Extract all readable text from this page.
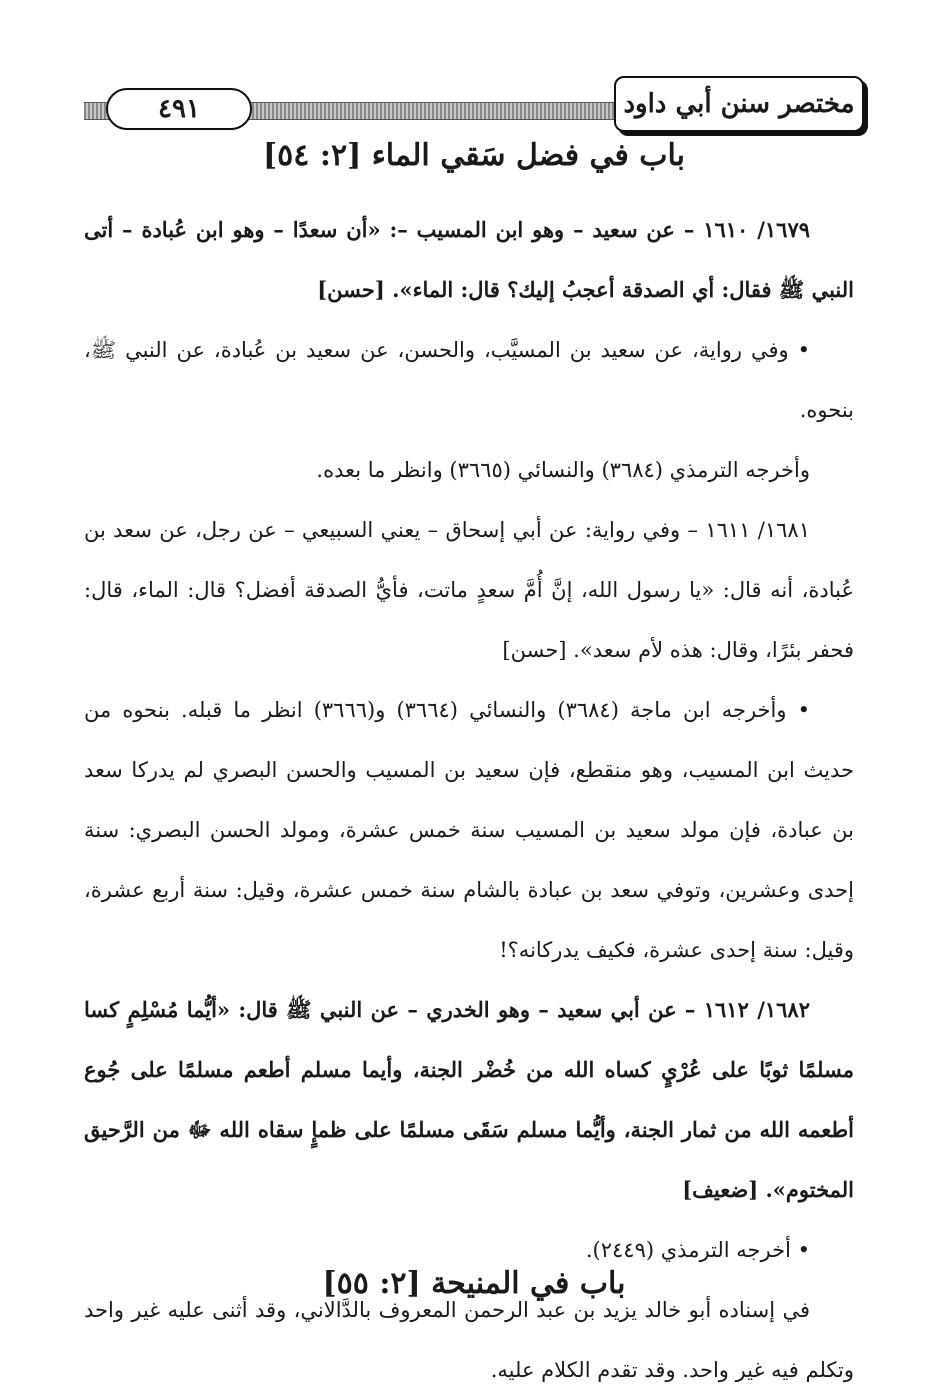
٤٩١	مختصر سنن أبي داود
باب في فضل سَقي الماء [٢: ٥٤]

١٦٧٩/ ١٦١٠ – عن سعيد – وهو ابن المسيب –: «أن سعدًا – وهو ابن عُبادة – أتى النبي ﷺ فقال: أي الصدقة أعجبُ إليك؟ قال: الماء». [حسن]

• وفي رواية، عن سعيد بن المسيَّب، والحسن، عن سعيد بن عُبادة، عن النبي ﷺ، بنحوه.

وأخرجه الترمذي (٣٦٨٤) والنسائي (٣٦٦٥) وانظر ما بعده.

١٦٨١/ ١٦١١ – وفي رواية: عن أبي إسحاق – يعني السبيعي – عن رجل، عن سعد بن عُبادة، أنه قال: «يا رسول الله، إنَّ أُمَّ سعدٍ ماتت، فأيُّ الصدقة أفضل؟ قال: الماء، قال: فحفر بئرًا، وقال: هذه لأم سعد». [حسن]

• وأخرجه ابن ماجة (٣٦٨٤) والنسائي (٣٦٦٤) و(٣٦٦٦) انظر ما قبله. بنحوه من حديث ابن المسيب، وهو منقطع، فإن سعيد بن المسيب والحسن البصري لم يدركا سعد بن عبادة، فإن مولد سعيد بن المسيب سنة خمس عشرة، ومولد الحسن البصري: سنة إحدى وعشرين، وتوفي سعد بن عبادة بالشام سنة خمس عشرة، وقيل: سنة أربع عشرة، وقيل: سنة إحدى عشرة، فكيف يدركانه؟!

١٦٨٢/ ١٦١٢ – عن أبي سعيد – وهو الخدري – عن النبي ﷺ قال: «أيُّما مُسْلِمٍ كسا مسلمًا ثوبًا على عُرْيٍ كساه الله من خُضْر الجنة، وأيما مسلم أطعم مسلمًا على جُوع أطعمه الله من ثمار الجنة، وأيُّما مسلم سَقَى مسلمًا على ظمإٍ سقاه الله ﷻ من الرَّحيق المختوم». [ضعيف]

• أخرجه الترمذي (٢٤٤٩).

في إسناده أبو خالد يزيد بن عبد الرحمن المعروف بالدَّالاني، وقد أثنى عليه غير واحد وتكلم فيه غير واحد. وقد تقدم الكلام عليه.

باب في المنيحة [٢: ٥٥]
